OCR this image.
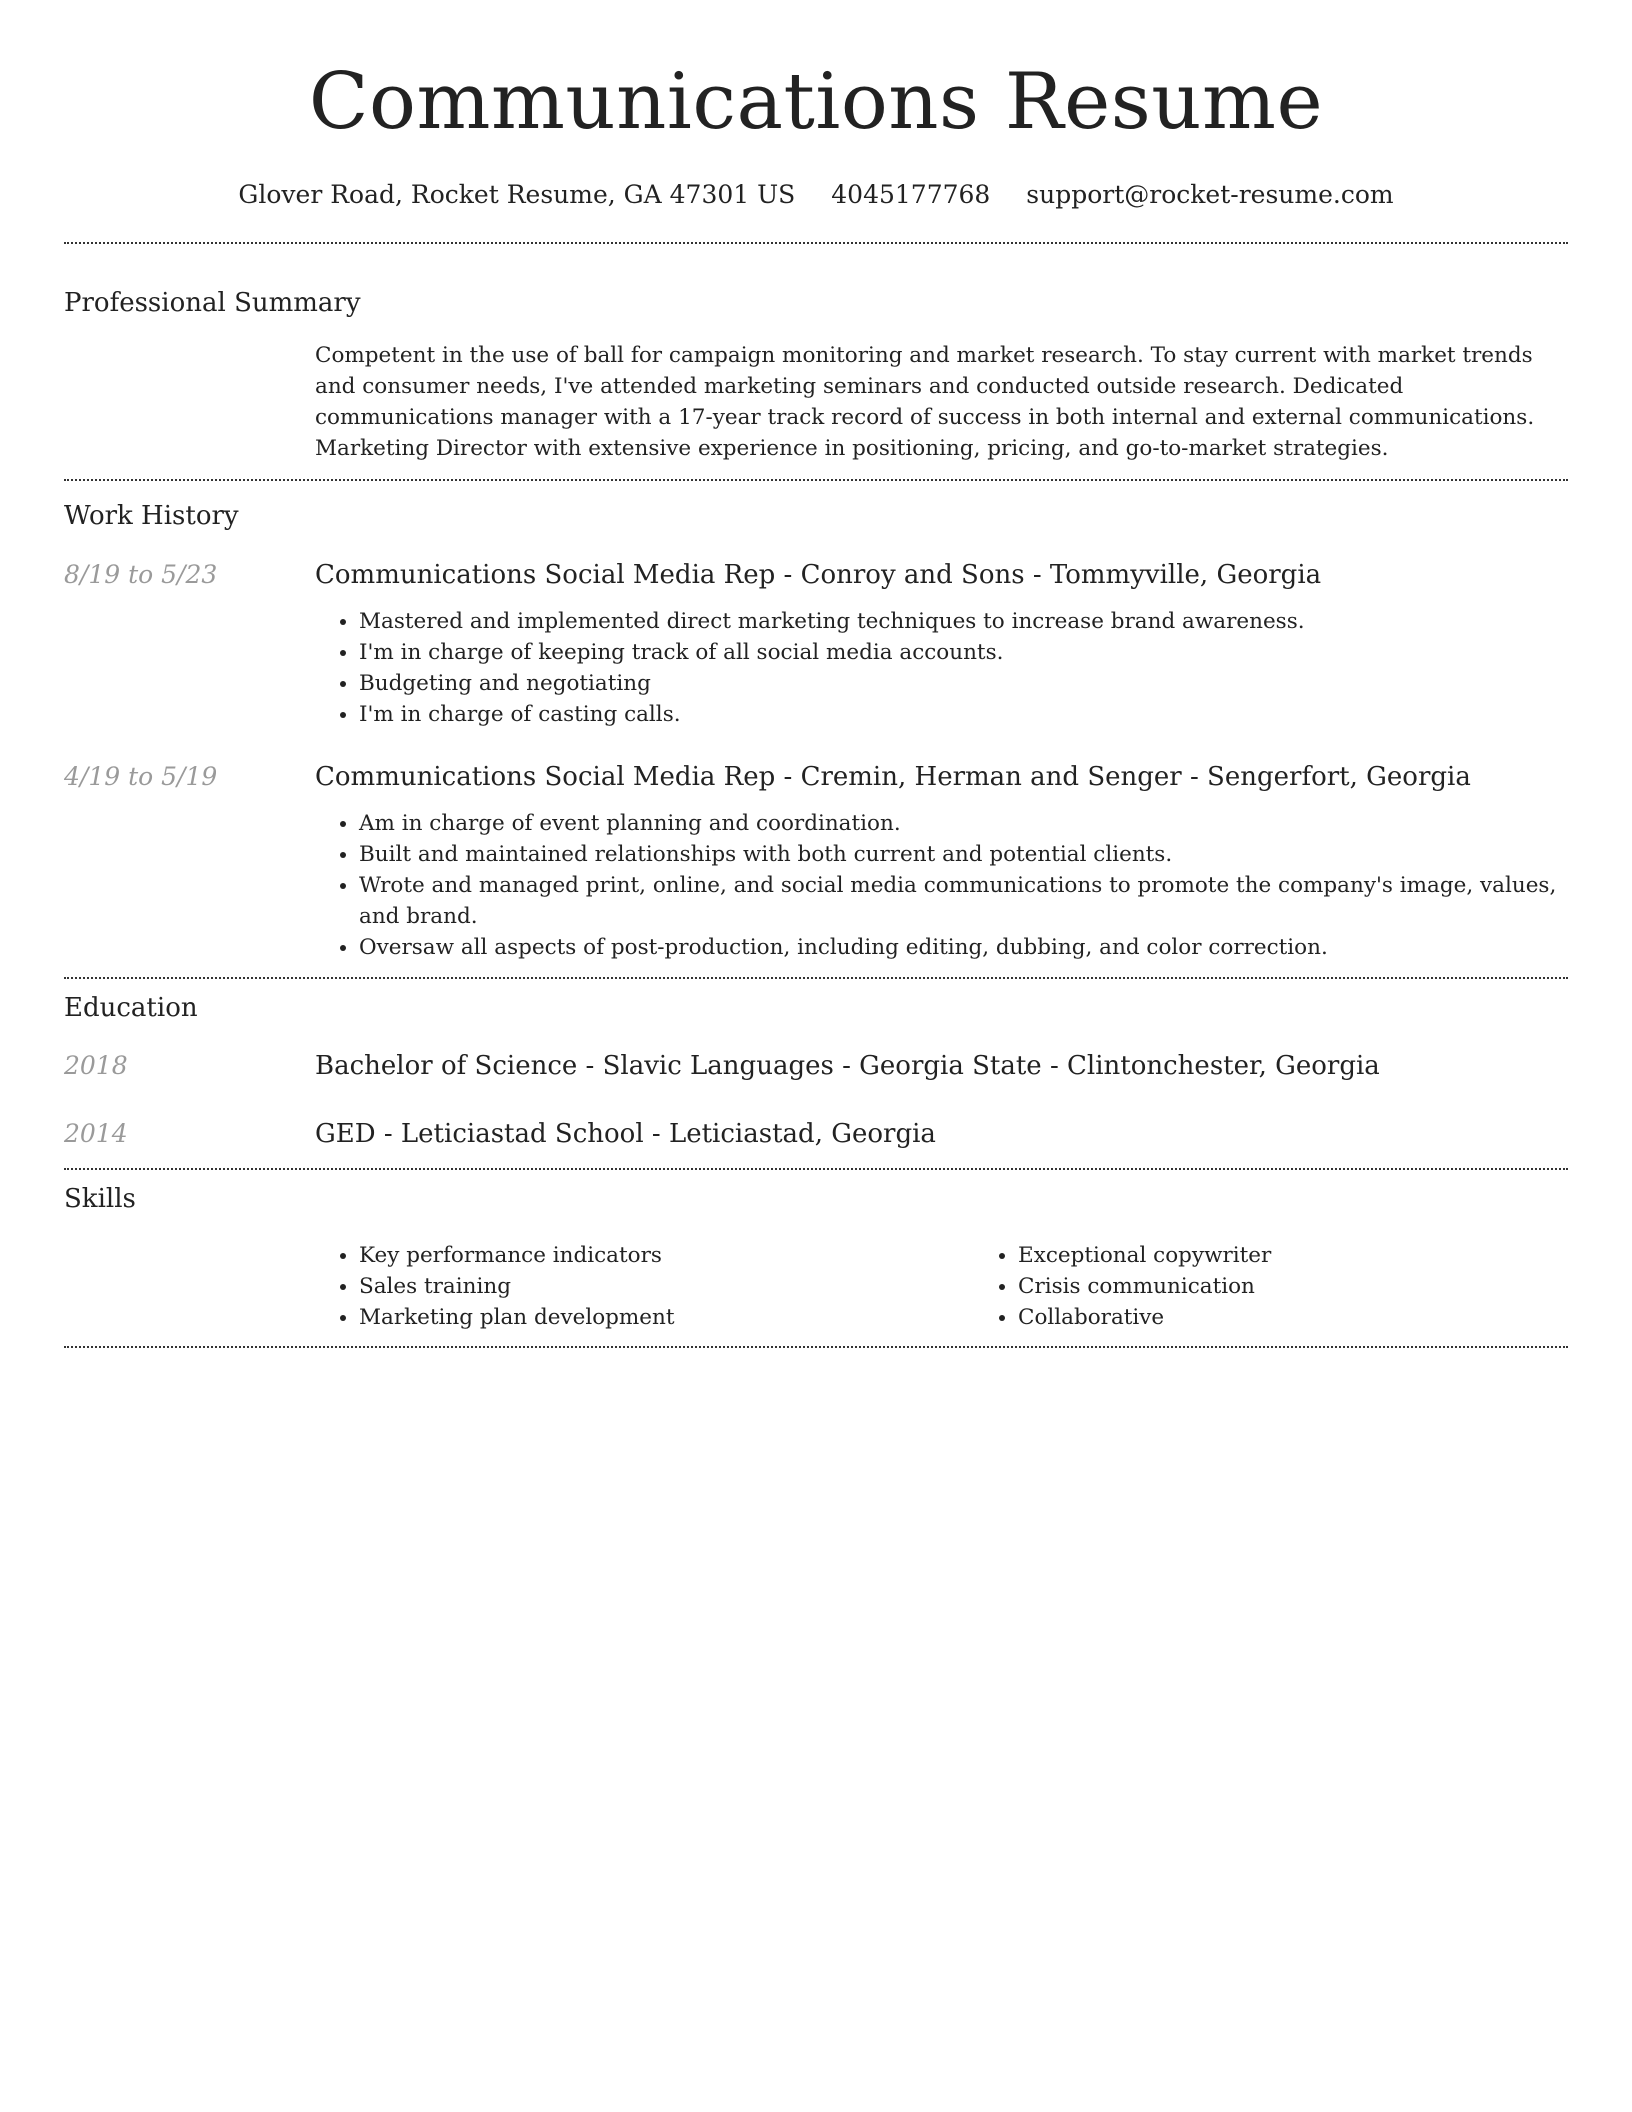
Communications Resume
Glover Road, Rocket Resume, GA 47301 US 4045177768 support@rocket-resume.com
Professional Summary

Competent in the use of ball for campaign monitoring and market research. To stay current with market trends and consumer needs, I've attended marketing seminars and conducted outside research. Dedicated communications manager with a 17-year track record of success in both internal and external communications. Marketing Director with extensive experience in positioning, pricing, and go-to-market strategies.

Work History
8/19 to 5/23	Communications Social Media Rep - Conroy and Sons - Tommyville, Georgia
• Mastered and implemented direct marketing techniques to increase brand awareness.
• I'm in charge of keeping track of all social media accounts.
• Budgeting and negotiating
• I'm in charge of casting calls.
4/19 to 5/19	Communications Social Media Rep - Cremin, Herman and Senger - Sengerfort, Georgia
• Am in charge of event planning and coordination.
• Built and maintained relationships with both current and potential clients.
• Wrote and managed print, online, and social media communications to promote the company's image, values, and brand.
• Oversaw all aspects of post-production, including editing, dubbing, and color correction.
Education
2018	Bachelor of Science - Slavic Languages - Georgia State - Clintonchester, Georgia
2014	GED - Leticiastad School - Leticiastad, Georgia
Skills
• Key performance indicators
• Sales training
• Marketing plan development
• Exceptional copywriter
• Crisis communication
• Collaborative
